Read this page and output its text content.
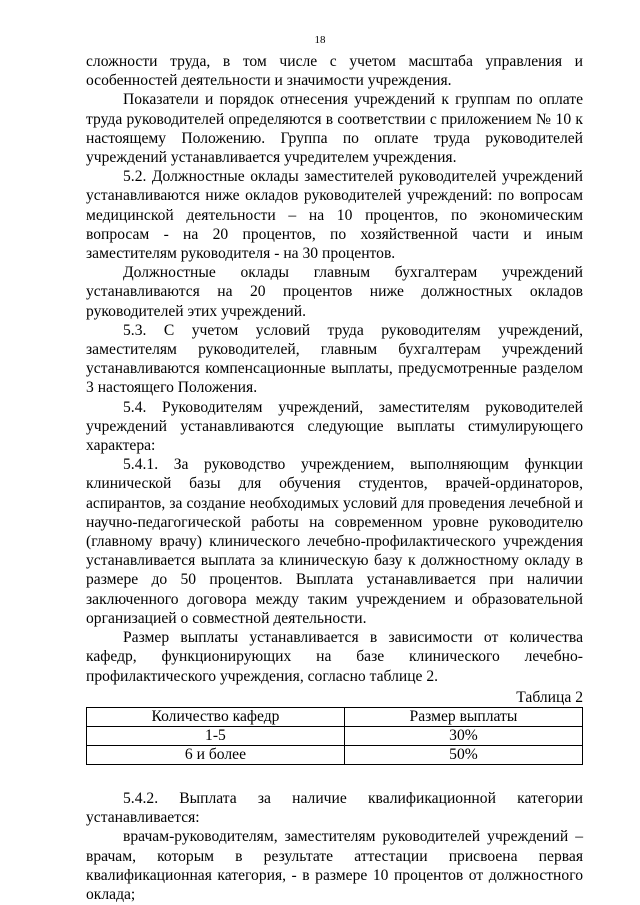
18

сложности труда, в том числе с учетом масштаба управления и особенностей деятельности и значимости учреждения.

Показатели и порядок отнесения учреждений к группам по оплате труда руководителей определяются в соответствии с приложением № 10 к настоящему Положению. Группа по оплате труда руководителей учреждений устанавливается учредителем учреждения.

5.2. Должностные оклады заместителей руководителей учреждений устанавливаются ниже окладов руководителей учреждений: по вопросам медицинской деятельности – на 10 процентов, по экономическим вопросам - на 20 процентов, по хозяйственной части и иным заместителям руководителя - на 30 процентов.

Должностные оклады главным бухгалтерам учреждений устанавливаются на 20 процентов ниже должностных окладов руководителей этих учреждений.

5.3. С учетом условий труда руководителям учреждений, заместителям руководителей, главным бухгалтерам учреждений устанавливаются компенсационные выплаты, предусмотренные разделом 3 настоящего Положения.

5.4. Руководителям учреждений, заместителям руководителей учреждений устанавливаются следующие выплаты стимулирующего характера:

5.4.1. За руководство учреждением, выполняющим функции клинической базы для обучения студентов, врачей-ординаторов, аспирантов, за создание необходимых условий для проведения лечебной и научно-педагогической работы на современном уровне руководителю (главному врачу) клинического лечебно-профилактического учреждения устанавливается выплата за клиническую базу к должностному окладу в размере до 50 процентов. Выплата устанавливается при наличии заключенного договора между таким учреждением и образовательной организацией о совместной деятельности.

Размер выплаты устанавливается в зависимости от количества кафедр, функционирующих на базе клинического лечебно-профилактического учреждения, согласно таблице 2.

Таблица 2
Количество кафедр	Размер выплаты
1-5	30%
6 и более	50%

5.4.2. Выплата за наличие квалификационной категории устанавливается:

врачам-руководителям, заместителям руководителей учреждений – врачам, которым в результате аттестации присвоена первая квалификационная категория, - в размере 10 процентов от должностного оклада;
